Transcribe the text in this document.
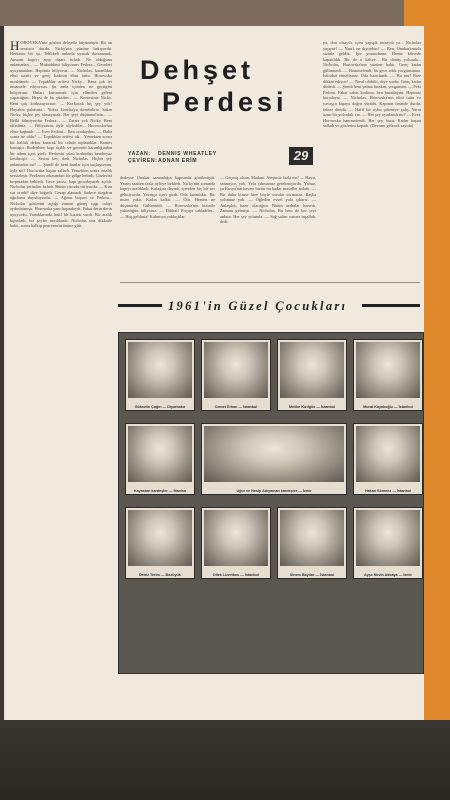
HOROVSKA'nın gözleri dehşetle büyümüştü. Bir an sessizce durdu. Nicky'nin yüzüne bakıyordu. Herkesin bir işi, Tehlikeli anlarda uyanık davranmak, Ansızın kapıyı açıp dışarı fırladı. Ne olduğunu anlamadan... — Mukaddimi biliyorum Fedora... Geceleri uyuyamadım. Hepimiz biliyoruz. — Nicholas, karanlıkta elini uzattı ve genç kadının elini tuttu. Horowska mırıldandı: — Topaklılar arifesi Nicky... Bana çok iyi muamele ediyorsun. Şu anda içinden ne geçtiğini biliyorum. Onları kurtarmak için elimden geleni yapacağım. Hepsi de bu yüzden... — Kontesiniz Nicky. Beni çok korkutuyorsun. — Korkacak hiç şey yok! Hayatım pahasına... Yoksa Londra'ya dönebiliriz. Sakın Nicky, hiçbir şey olmayacak. Her şeyi düşünmelisin... — Belki bilmiyordur Fedora... — Zararı yok Nicky. Beni affediniz. — Biliyorum, öyle söylediler... Horowska'nın eline kapandı. — Evet Fedora... Ben oradaydım. — Daha sonra ne oldu? — Topaklılar arifesi idi... Yemekten sonra bir kalfalı dekor kurarak bir odada toplandılar. Kontes konuştu. Birdenbire kapı açıldı ve gecenin karanlığından bir adam içeri girdi. Herkesin yüzü korkudan bembeyaz kesilmişti. — Sesini kes, dedi Nicholas. Hiçbir şey anlamadın mı? — Şimdi de beni bunlar için suçluyorsun, öyle mi? Horowska başını salladı. Yemekten sonra ortalık sessizleşti. Perdenin arkasından bir gölge belirdi. Gözlerini kırpmadan bekledi. Gece yarısı, kapı gıcırdayarak açıldı. Nicholas yerinden fırladı. Bütün vücudu titriyordu. — Kim var orada? diye bağırdı. Cevap alamadı. Sadece rüzgârın uğultusu duyuluyordu. — Ağzını boşver ve Fedora... Nicholas gözlerini açtığı zaman güneş ışığı odayı aydınlatmıştı. Horowska yanı başındaydı. Fakat derin derin uyuyordu. Yanaklarında hafif bir kızartı vardı. Bir aralık kıpırdadı, bir şeyler mırıldandı. Nicholas ona dikkatle baktı, sonra kalkıp pencerenin önüne gitti.
Dehşet
Perdesi
YAZAN: DENNIS WHEATLEY
ÇEVİREN:ADNAN ERİM	29
dedeyse Onukar samanlığın kapısında görülmüştü. Yarım saatten fazla öyleye bekledi. Nicky'nin sonunda kapıyı aralıkladı. Kulağını dayadı, içeriden hiç bir ses gelmiyordu. Yavaşça içeri girdi. Oda karanlıktı. Bir mum yaktı. Kadın kalktı. — Ölü. Hemen ne düşünürdü. Gülümsedi. — Horowska'nın bizimle yakınlığını biliyoruz. — Dikkat! Fırçayı sakladılar... — Hoş geldiniz! Kalıntıya yaklaştılar.
— Geçmiş olsun, Madam. Ateşimiz fazla mı? — Hayır, sanmıyor, yok. Yola çıkmamız gerekmiyordu. Yalnız, şu Rusya'nın havası bizim bu kadar masallar anlattı. — Bir daha kimse bize böyle sorular sormasın. Başka yolumuz yok. — Öğleden evvel yola çıkarız. — Anlaşıldı, hazır olacağım. Bütün arabalar hazırdı. Zamanı gelmişti. — Nicholas, Bu hem de her şeyi anlatır. Her şey yolunda. — Sağ salim varırız inşallah, dedi.
ya, don olsaydı, içim yapışık mısaydı ya... Nicholas yaşıyor! — Nasıl, ne diyordun? — Ben, Onukar'ımızla sizinle geldik. İşte yorumlama. Henüz kilisede kapatıldık. Bir de o kahve... Bir dönüş yolunda... Nicholas, Horowska'nın yüzüne baktı. Genç kadın gülümsedi. — Hanımefendi, bu gece artık yorgunsunuz. İstirahat etmelisiniz. Oda hazırlandı. — Bu mu? Bize dikkat ediyor? — Nasıl olabilir, diye sordu. Genç kadın dinledi. — Şimdi beni yalnız bırakın, yorgunum. — Peki Fedora. Fakat sakın korkma, ben buradayım. Hepimiz buradayız. — Nicholas, Horowska'nın elini tuttu ve yavaşça kapıya doğru yürüdü. Kapının önünde durdu, tekrar döndü. — Hafif bir uyku çekmeye çalış. Yarın uzun bir yolculuk var. — Her şey ayarlandı mı? — Evet, Horowska hanımefendi. Her şey hazır. Kadın başını salladı ve gözlerini kapadı. (Devamı gelecek sayıda)
1961'in Güzel Çocukları
Gökselin Çağın — Diyarbakır	Cemet Erhan — İstanbul	Melike Kızılgöz — İstanbul	Murat Kayalıoğlu — İstanbul
Kayastan kardeşler — Manisa	Uğur ve Nesip Adıyaman kardeşler — İzmir	Hakan Sönmez — İstanbul
Deniz Terim — Bozüyük	Dilek Lizertkos — İstanbul	Sinem Baydar — İstanbul	Ayşe Nevin Akkaya — İzmir
